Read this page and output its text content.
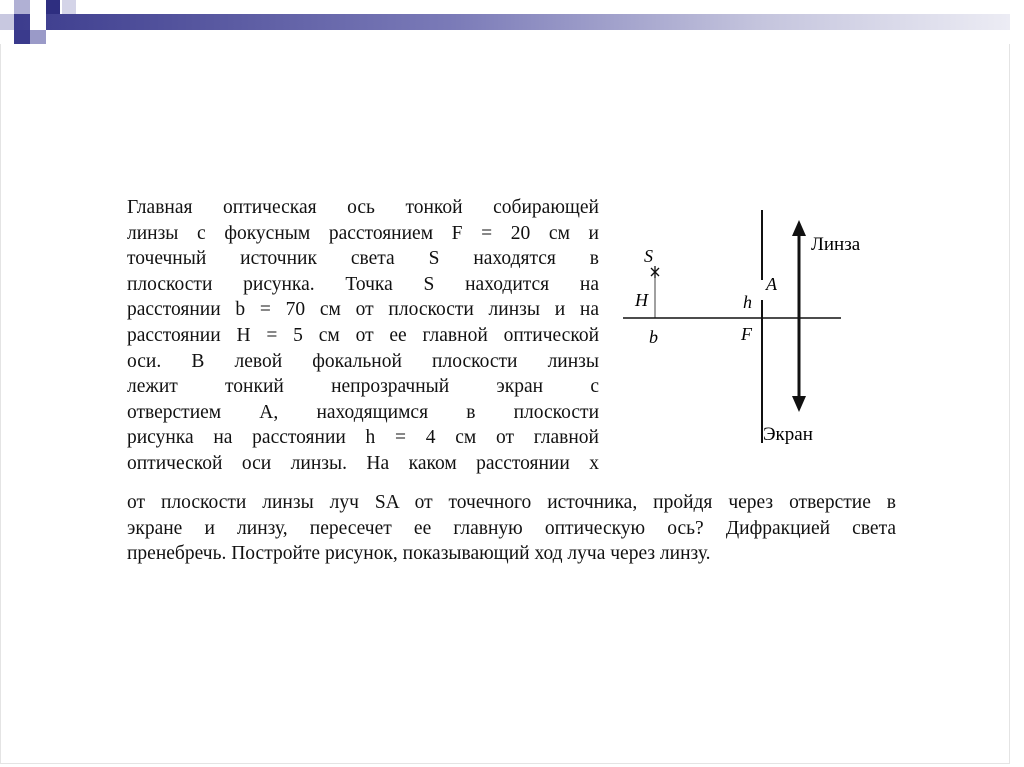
Главная оптическая ось тонкой собирающей
линзы с фокусным расстоянием F = 20 см и
точечный источник света S находятся в
плоскости рисунка. Точка S находится на
расстоянии b = 70 см от плоскости линзы и на
расстоянии H = 5 см от ее главной оптической
оси. В левой фокальной плоскости линзы
лежит тонкий непрозрачный экран с
отверстием A, находящимся в плоскости
рисунка на расстоянии h = 4 см от главной
оптической оси линзы. На каком расстоянии x
от плоскости линзы луч SA от точечного источника, пройдя через отверстие в
экране и линзу, пересечет ее главную оптическую ось? Дифракцией света
пренебречь. Постройте рисунок, показывающий ход луча через линзу.
S
H
b
h
A
F
Линза
Экран
